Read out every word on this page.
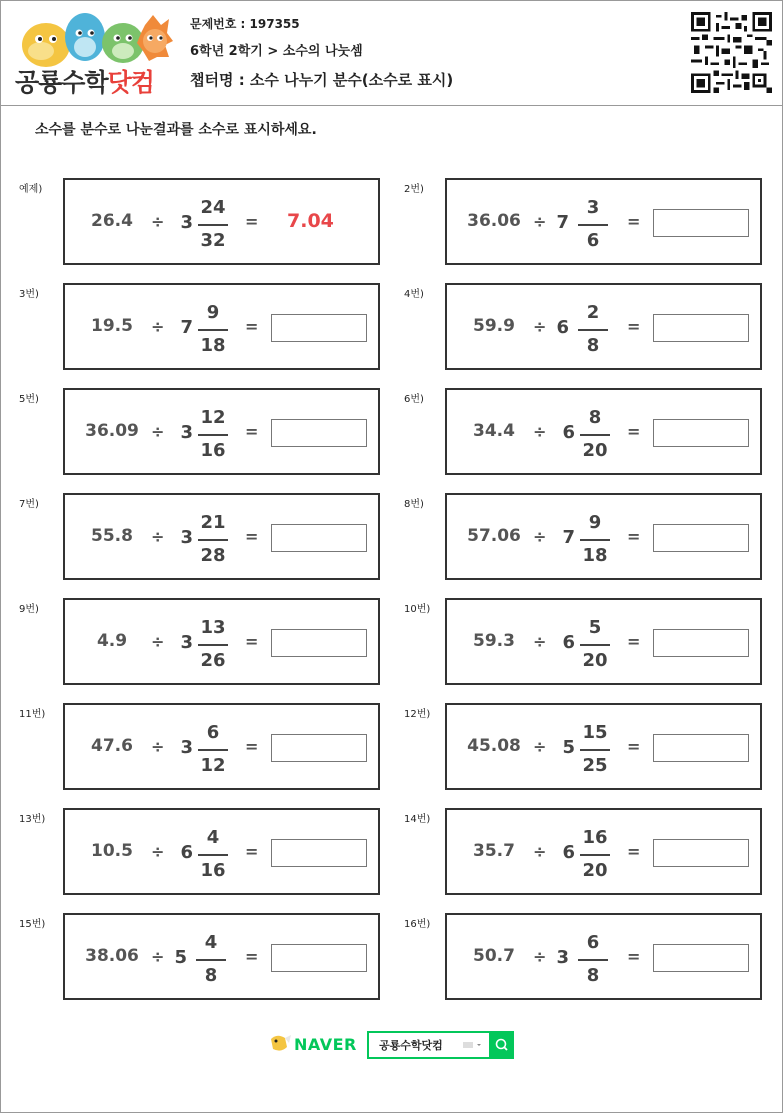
공룡수학닷컴
문제번호 : 197355
6학년 2학기 > 소수의 나눗셈
챕터명 : 소수 나누기 분수(소수로 표시)
소수를 분수로 나눈결과를 소수로 표시하세요.
예제)
26.4	÷ 3
24
32
= 7.04
2번)
36.06 ÷ 7
3
6
=
3번)
19.5	÷ 7
9
18
=
4번)
59.9	÷ 6
2
8
=
5번)
36.09 ÷ 3
12
16
=
6번)
34.4	÷ 6
8
20
=
7번)
55.8	÷ 3
21
28
=
8번)
57.06 ÷ 7
9
18
=
9번)
4.9	÷ 3
13
26
=
10번)
59.3	÷ 6
5
20
=
11번)
47.6	÷ 3
6
12
=
12번)
45.08 ÷ 5
15
25
=
13번)
10.5	÷ 6
4
16
=
14번)
35.7	÷ 6
16
20
=
15번)
38.06 ÷ 5
4
8
=
16번)
50.7	÷ 3
6
8
=
NAVER 공룡수학닷컴
